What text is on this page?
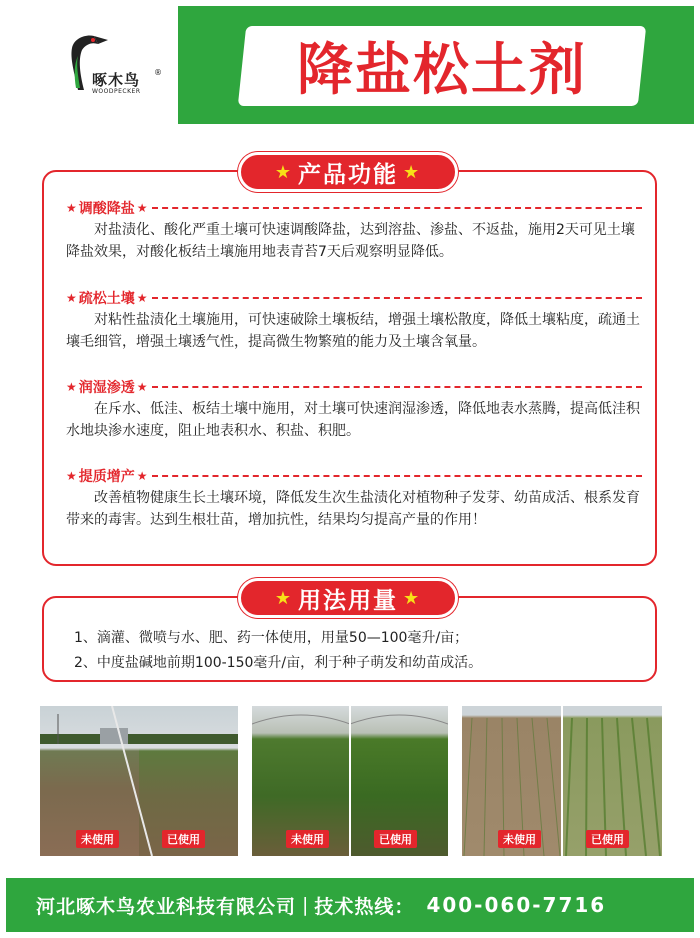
啄木鸟 ®
WOODPECKER	降盐松土剂
★ 产品功能 ★
★ 调酸降盐 ★
对盐渍化、酸化严重土壤可快速调酸降盐，达到溶盐、渗盐、不返盐，施用2天可见土壤降盐效果，对酸化板结土壤施用地表青苔7天后观察明显降低。
★ 疏松土壤 ★
对粘性盐渍化土壤施用，可快速破除土壤板结，增强土壤松散度，降低土壤粘度，疏通土壤毛细管，增强土壤透气性，提高微生物繁殖的能力及土壤含氧量。
★ 润湿渗透 ★
在斥水、低洼、板结土壤中施用，对土壤可快速润湿渗透，降低地表水蒸腾，提高低洼积水地块渗水速度，阻止地表积水、积盐、积肥。
★ 提质增产 ★
改善植物健康生长土壤环境，降低发生次生盐渍化对植物种子发芽、幼苗成活、根系发育带来的毒害。达到生根壮苗，增加抗性，结果均匀提高产量的作用！
★ 用法用量 ★
1、滴灌、微喷与水、肥、药一体使用，用量50—100毫升/亩；
2、中度盐碱地前期100-150毫升/亩，利于种子萌发和幼苗成活。
未使用	已使用	未使用	已使用	未使用	已使用
河北啄木鸟农业科技有限公司 | 技术热线： 400-060-7716
